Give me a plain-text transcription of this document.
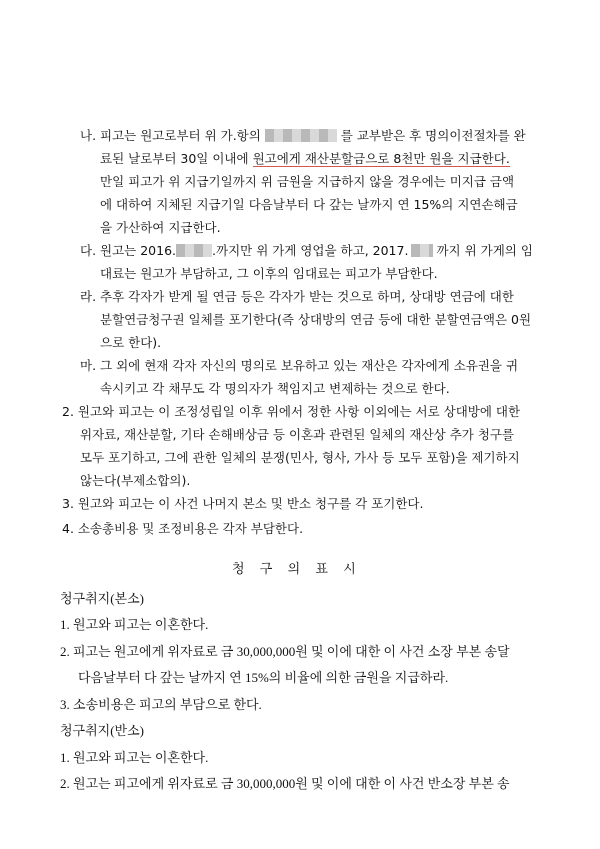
나. 피고는 원고로부터 위 가.항의	를 교부받은 후 명의이전절차를 완
료된 날로부터 30일 이내에 원고에게 재산분할금으로 8천만 원을 지급한다.
만일 피고가 위 지급기일까지 위 금원을 지급하지 않을 경우에는 미지급 금액
에 대하여 지체된 지급기일 다음날부터 다 갚는 날까지 연 15%의 지연손해금
을 가산하여 지급한다.
다. 원고는 2016.	.까지만 위 가게 영업을 하고, 2017. 까지 위 가게의 임
대료는 원고가 부담하고, 그 이후의 임대료는 피고가 부담한다.
라. 추후 각자가 받게 될 연금 등은 각자가 받는 것으로 하며, 상대방 연금에 대한
분할연금청구권 일체를 포기한다(즉 상대방의 연금 등에 대한 분할연금액은 0원
으로 한다).
마. 그 외에 현재 각자 자신의 명의로 보유하고 있는 재산은 각자에게 소유권을 귀
속시키고 각 채무도 각 명의자가 책임지고 변제하는 것으로 한다.
2. 원고와 피고는 이 조정성립일 이후 위에서 정한 사항 이외에는 서로 상대방에 대한
위자료, 재산분할, 기타 손해배상금 등 이혼과 관련된 일체의 재산상 추가 청구를
모두 포기하고, 그에 관한 일체의 분쟁(민사, 형사, 가사 등 모두 포함)을 제기하지
않는다(부제소합의).
3. 원고와 피고는 이 사건 나머지 본소 및 반소 청구를 각 포기한다.
4. 소송총비용 및 조정비용은 각자 부담한다.
청 구 의 표 시
청구취지(본소)
1. 원고와 피고는 이혼한다.
2. 피고는 원고에게 위자료로 금 30,000,000원 및 이에 대한 이 사건 소장 부본 송달
다음날부터 다 갚는 날까지 연 15%의 비율에 의한 금원을 지급하라.
3. 소송비용은 피고의 부담으로 한다.
청구취지(반소)
1. 원고와 피고는 이혼한다.
2. 원고는 피고에게 위자료로 금 30,000,000원 및 이에 대한 이 사건 반소장 부본 송
